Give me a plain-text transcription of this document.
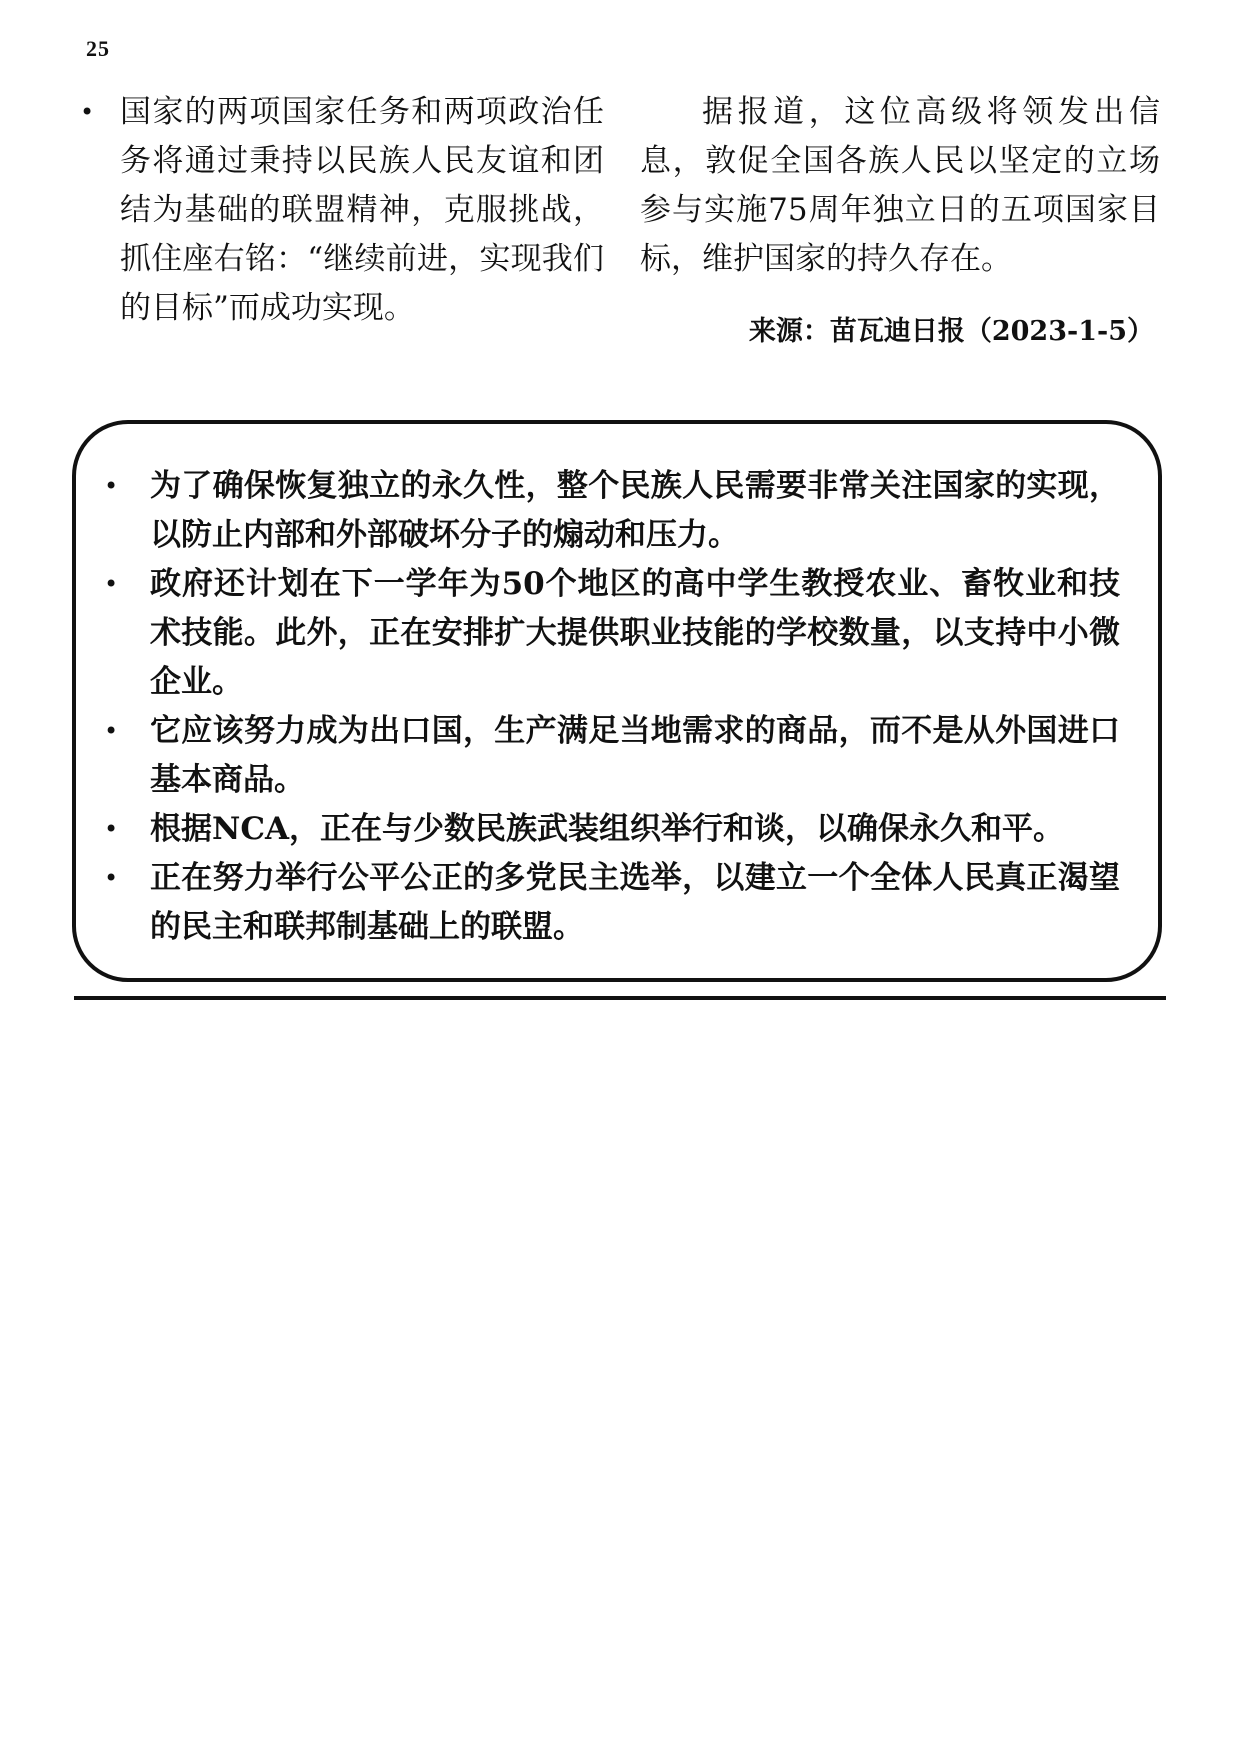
25
• 国家的两项国家任务和两项政治任务将通过秉持以民族人民友谊和团结为基础的联盟精神，克服挑战，抓住座右铭：“继续前进，实现我们的目标”而成功实现。
据报道，这位高级将领发出信息，敦促全国各族人民以坚定的立场参与实施75周年独立日的五项国家目标，维护国家的持久存在。
来源：苗瓦迪日报（2023-1-5）
•	为了确保恢复独立的永久性，整个民族人民需要非常关注国家的实现，以防止内部和外部破坏分子的煽动和压力。
•	政府还计划在下一学年为50个地区的高中学生教授农业、畜牧业和技术技能。此外，正在安排扩大提供职业技能的学校数量，以支持中小微企业。
•	它应该努力成为出口国，生产满足当地需求的商品，而不是从外国进口基本商品。
•	根据NCA，正在与少数民族武装组织举行和谈，以确保永久和平。
•	正在努力举行公平公正的多党民主选举，以建立一个全体人民真正渴望的民主和联邦制基础上的联盟。
